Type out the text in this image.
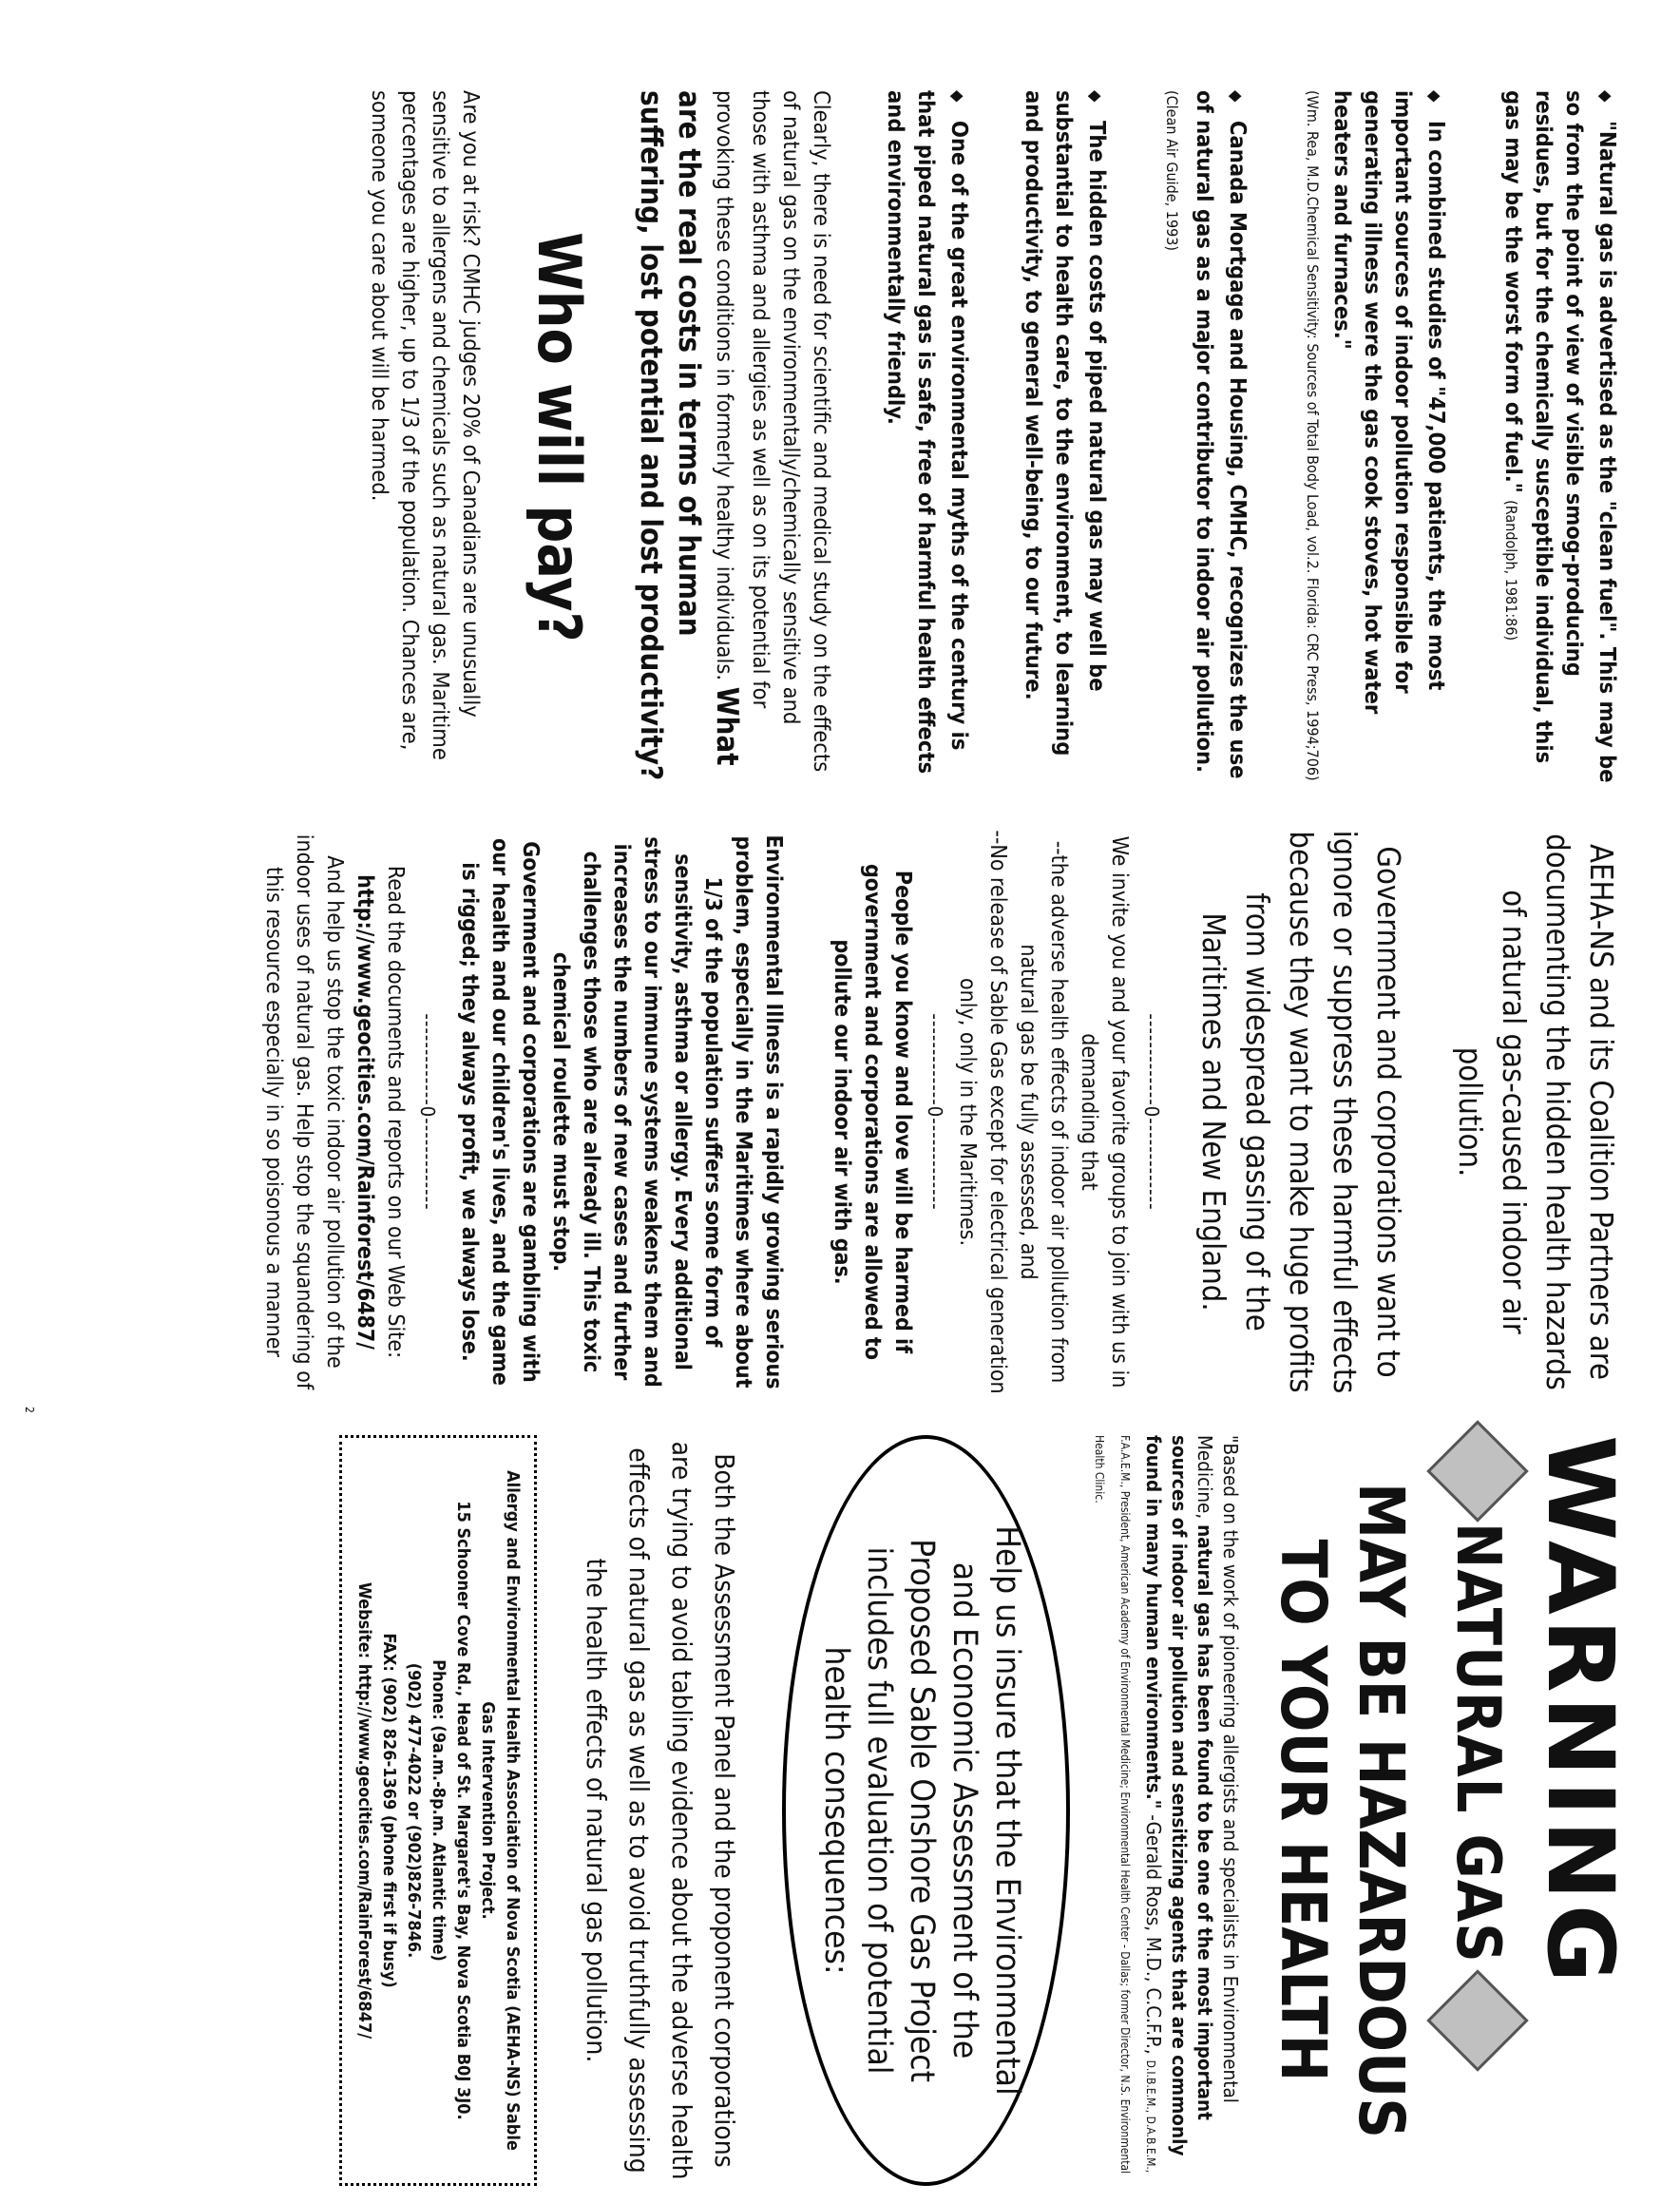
◆"Natural gas is advertised as the "clean fuel". This may be so from the point of view of visible smog-producing residues, but for the chemically susceptible individual, this gas may be the worst form of fuel." (Randolph, 1981:86)
◆In combined studies of "47,000 patients, the most important sources of indoor pollution responsible for generating illness were the gas cook stoves, hot water heaters and furnaces."
(Wm. Rea, M.D.Chemical Sensitivity: Sources of Total Body Load, vol.2. Florida: CRC Press, 1994;706)
◆Canada Mortgage and Housing, CMHC, recognizes the use of natural gas as a major contributor to indoor air pollution. (Clean Air Guide, 1993)
◆The hidden costs of piped natural gas may well be substantial to health care, to the environment, to learning and productivity, to general well-being, to our future.
◆One of the great environmental myths of the century is that piped natural gas is safe, free of harmful health effects and environmentally friendly.

Clearly, there is need for scientific and medical study on the effects of natural gas on the environmentally/chemically sensitive and those with asthma and allergies as well as on its potential for provoking these conditions in formerly healthy individuals. What are the real costs in terms of human suffering, lost potential and lost productivity?

Who will pay?

Are you at risk? CMHC judges 20% of Canadians are unusually sensitive to allergens and chemicals such as natural gas. Maritime percentages are higher, up to 1/3 of the population. Chances are, someone you care about will be harmed.

AEHA-NS and its Coalition Partners are documenting the hidden health hazards of natural gas-caused indoor air pollution.

Government and corporations want to ignore or suppress these harmful effects because they want to make huge profits from widespread gassing of the Maritimes and New England.

-------------0-------------

We invite you and your favorite groups to join with us in demanding that

--the adverse health effects of indoor air pollution from natural gas be fully assessed, and

--No release of Sable Gas except for electrical generation only, only in the Maritimes.

-------------0-------------

People you know and love will be harmed if government and corporations are allowed to pollute our indoor air with gas.

Environmental Illness is a rapidly growing serious problem, especially in the Maritimes where about 1/3 of the population suffers some form of sensitivity, asthma or allergy. Every additional stress to our immune systems weakens them and increases the numbers of new cases and further challenges those who are already ill. This toxic chemical roulette must stop.

Government and corporations are gambling with our health and our children's lives, and the game is rigged; they always profit, we always lose.

-------------0-------------

Read the documents and reports on our Web Site:

http://www.geocities.com/Rainforest/6487/

And help us stop the toxic indoor air pollution of the indoor uses of natural gas. Help stop the squandering of this resource especially in so poisonous a manner

WARNING
NATURAL GAS
MAY BE HAZARDOUS
TO YOUR HEALTH

"Based on the work of pioneering allergists and specialists in Environmental Medicine, natural gas has been found to be one of the most important sources of indoor air pollution and sensitizing agents that are commonly found in many human environments." -Gerald Ross, M.D., C.C.F.P., D.I.B.E.M., D.A.B.E.M., F.A.A.E.M., President, American Academy of Environmental Medicine; Environmental Health Center - Dallas; former Director, N.S. Environmental Health Clinic.

Help us insure that the Environmental and Economic Assessment of the Proposed Sable Onshore Gas Project includes full evaluation of potential health consequences:

Both the Assessment Panel and the proponent corporations are trying to avoid tabling evidence about the adverse health effects of natural gas as well as to avoid truthfully assessing the health effects of natural gas pollution.

Allergy and Environmental Health Association of Nova Scotia (AEHA-NS) Sable Gas Intervention Project.
15 Schooner Cove Rd., Head of St. Margaret's Bay, Nova Scotia B0J 3J0.
Phone: (9a.m.-8p.m. Atlantic time)
(902) 477-4022 or (902)826-7846.
FAX: (902) 826-1369 (phone first if busy)
Website: http://www.geocities.com/RainForest/6847/
2
